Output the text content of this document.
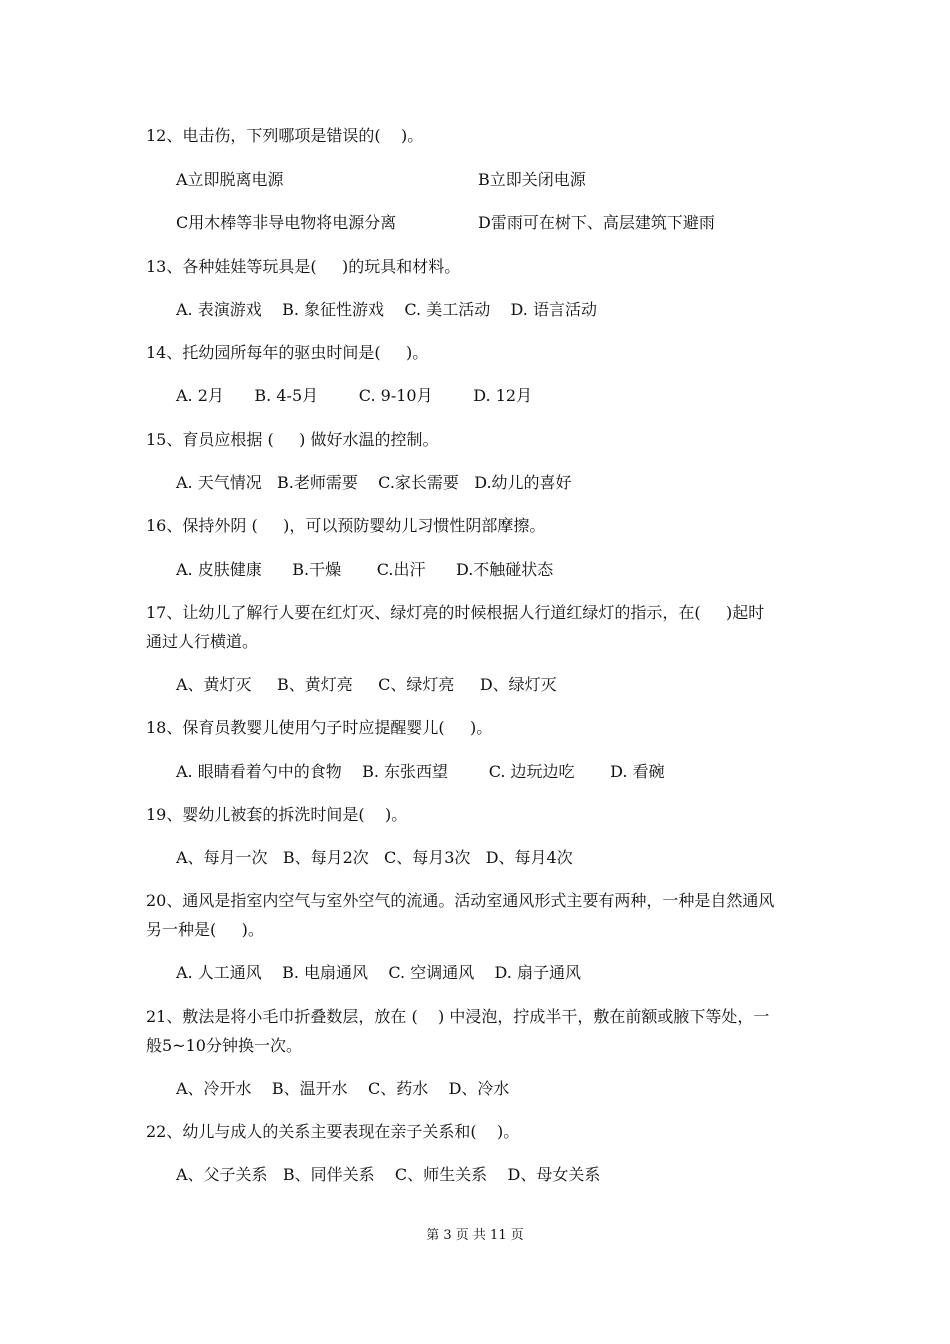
12、电击伤，下列哪项是错误的(    )。
A立即脱离电源	B立即关闭电源
C用木棒等非导电物将电源分离	D雷雨可在树下、高层建筑下避雨
13、各种娃娃等玩具是(     )的玩具和材料。
A. 表演游戏    B. 象征性游戏    C. 美工活动    D. 语言活动
14、托幼园所每年的驱虫时间是(     )。
A. 2月      B. 4-5月        C. 9-10月        D. 12月
15、育员应根据 (     ) 做好水温的控制。
A. 天气情况   B.老师需要    C.家长需要   D.幼儿的喜好
16、保持外阴 (     )，可以预防婴幼儿习惯性阴部摩擦。
A. 皮肤健康      B.干燥       C.出汗      D.不触碰状态
17、让幼儿了解行人要在红灯灭、绿灯亮的时候根据人行道红绿灯的指示，在(     )起时
通过人行横道。
A、黄灯灭     B、黄灯亮     C、绿灯亮     D、绿灯灭
18、保育员教婴儿使用勺子时应提醒婴儿(     )。
A. 眼睛看着勺中的食物    B. 东张西望        C. 边玩边吃       D. 看碗
19、婴幼儿被套的拆洗时间是(    )。
A、每月一次   B、每月2次   C、每月3次   D、每月4次
20、通风是指室内空气与室外空气的流通。活动室通风形式主要有两种，一种是自然通风
另一种是(     )。
A. 人工通风    B. 电扇通风    C. 空调通风    D. 扇子通风
21、敷法是将小毛巾折叠数层，放在 (    ) 中浸泡，拧成半干，敷在前额或腋下等处，一
般5~10分钟换一次。
A、冷开水    B、温开水    C、药水    D、冷水
22、幼儿与成人的关系主要表现在亲子关系和(    )。
A、父子关系   B、同伴关系    C、师生关系    D、母女关系
第 3 页 共 11 页
